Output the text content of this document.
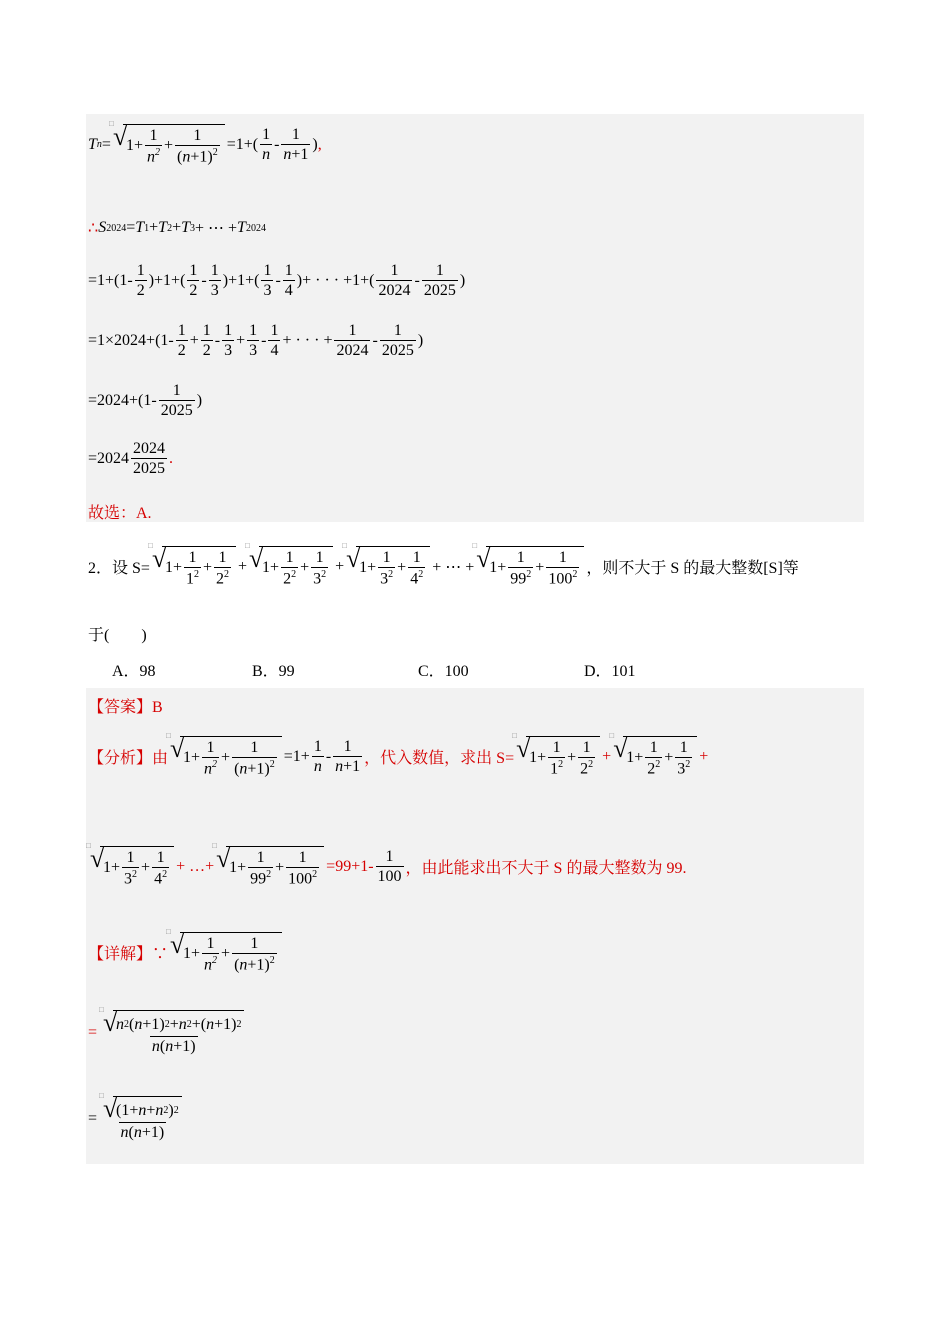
T n = □ √
$1+ \frac{1}{n^2} + \frac{1}{(n+1)^2} =1+( \frac{1}{n} - \frac{1}{n+1}$ ) ,
∴ S 2024 = T 1 + T 2 + T 3 + ⋯ + T 2024
$=1+(1- \frac{1}{2} )+1+( \frac{1}{2} - \frac{1}{3} )+1+( \frac{1}{3} - \frac{1}{4}$ )+ · · · $+1+( \frac{1}{2024} - \frac{1}{2025}$ )
$=1\times 2024+(1- \frac{1}{2} + \frac{1}{2} - \frac{1}{3} + \frac{1}{3} - \frac{1}{4}$ + · · · + $\frac{1}{2024} - \frac{1}{2025}$ )
$=2024+(1- \frac{1}{2025}$ )
$=2024 \frac{2024}{2025}$ .
故选：A.
2． 设 S= □ √
$1+ \frac{1}{1^2} + \frac{1}{2^2}$ + □ √
$1+ \frac{1}{2^2} + \frac{1}{3^2}$ + □ √
$1+ \frac{1}{3^2} + \frac{1}{4^2}$ + ⋯ + □ √
$1+ \frac{1}{99^2} + \frac{1}{100^2}$ ，则不大于 S 的最大整数[S]等
于(　　)
A．98	B．99	C．100	D．101
【答案】B
【分析】由 □ √
$1+ \frac{1}{n^2} + \frac{1}{(n+1)^2} =1+ \frac{1}{n} - \frac{1}{n+1}$ ，代入数值，求出 S= □ √
$1+ \frac{1}{1^2} + \frac{1}{2^2}$ + □ √
$1+ \frac{1}{2^2} + \frac{1}{3^2}$ +
□ √
$1+ \frac{1}{3^2} + \frac{1}{4^2}$ + …+ □ √
$1+ \frac{1}{99^2} + \frac{1}{100^2} =99+1- \frac{1}{100}$ ，由此能求出不大于 S 的最大整数为 99.
【详解】∵ □ √
$1+ \frac{1}{n^2} + \frac{1}{(n+1)^2}$
= □ √
n 2 ( n +1) 2 + n 2 +( n +1) 2
n(n+1)
= □ √
(1+ n + n 2 ) 2
n(n+1)
